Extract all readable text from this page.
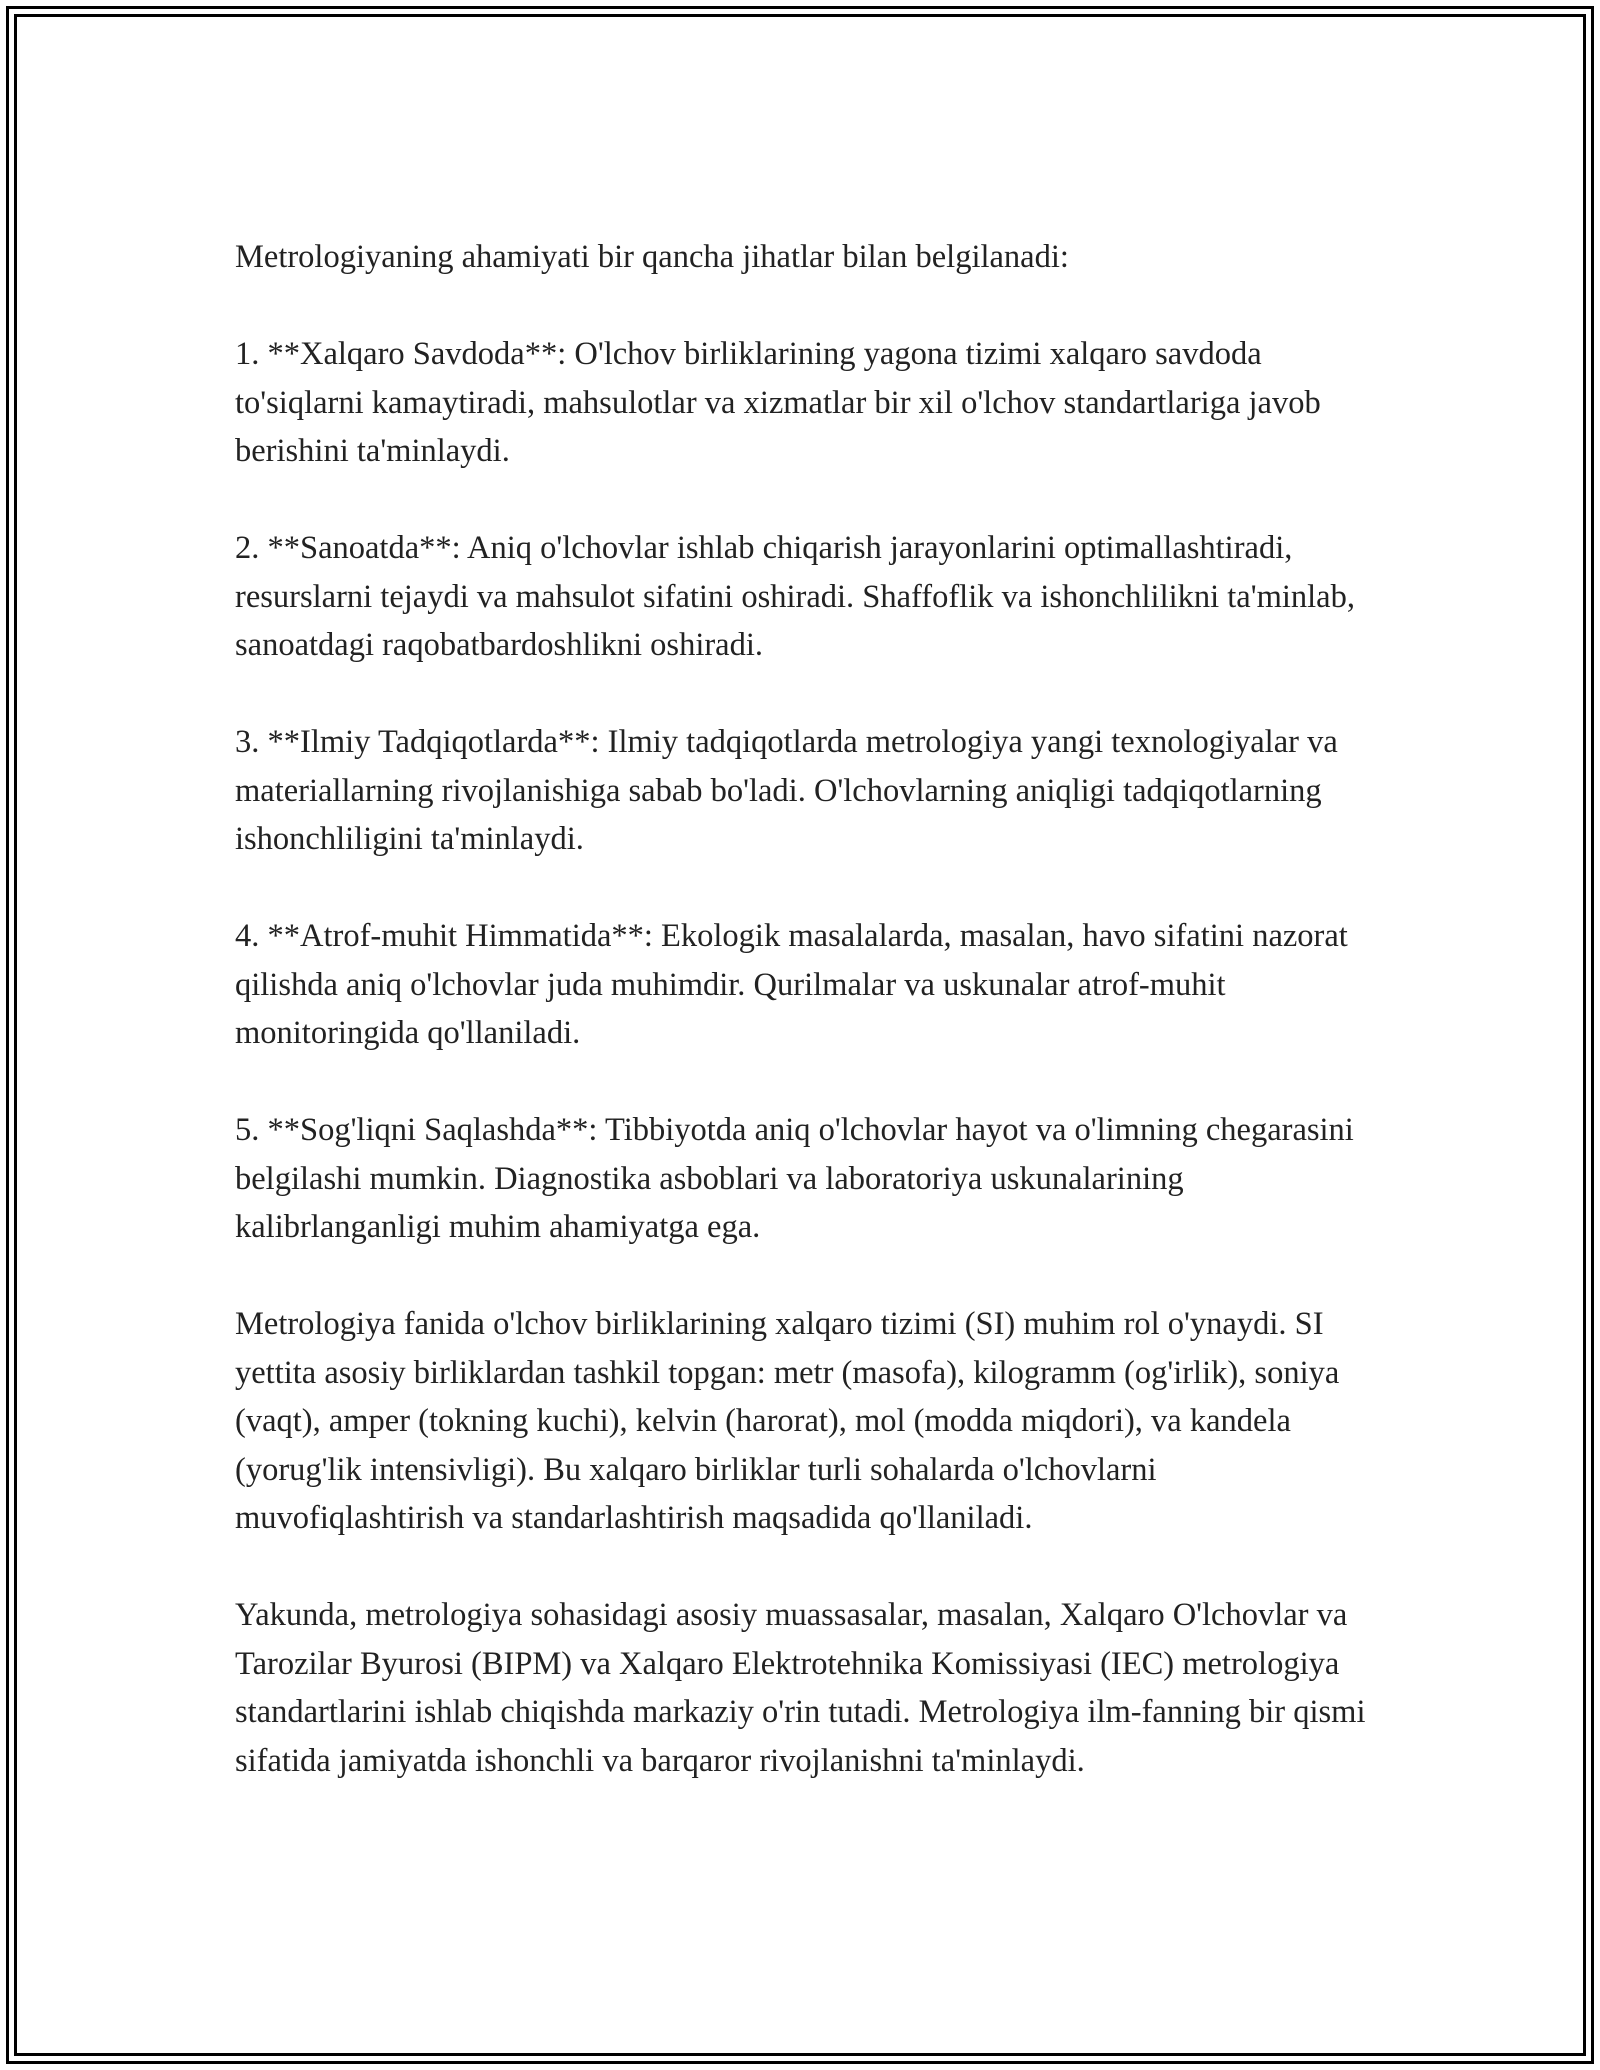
Metrologiyaning ahamiyati bir qancha jihatlar bilan belgilanadi:

1. **Xalqaro Savdoda**: O'lchov birliklarining yagona tizimi xalqaro savdoda to'siqlarni kamaytiradi, mahsulotlar va xizmatlar bir xil o'lchov standartlariga javob berishini ta'minlaydi.

2. **Sanoatda**: Aniq o'lchovlar ishlab chiqarish jarayonlarini optimallashtiradi, resurslarni tejaydi va mahsulot sifatini oshiradi. Shaffoflik va ishonchlilikni ta'minlab, sanoatdagi raqobatbardoshlikni oshiradi.

3. **Ilmiy Tadqiqotlarda**: Ilmiy tadqiqotlarda metrologiya yangi texnologiyalar va materiallarning rivojlanishiga sabab bo'ladi. O'lchovlarning aniqligi tadqiqotlarning ishonchliligini ta'minlaydi.

4. **Atrof-muhit Himmatida**: Ekologik masalalarda, masalan, havo sifatini nazorat qilishda aniq o'lchovlar juda muhimdir. Qurilmalar va uskunalar atrof-muhit monitoringida qo'llaniladi.

5. **Sog'liqni Saqlashda**: Tibbiyotda aniq o'lchovlar hayot va o'limning chegarasini belgilashi mumkin. Diagnostika asboblari va laboratoriya uskunalarining kalibrlanganligi muhim ahamiyatga ega.

Metrologiya fanida o'lchov birliklarining xalqaro tizimi (SI) muhim rol o'ynaydi. SI yettita asosiy birliklardan tashkil topgan: metr (masofa), kilogramm (og'irlik), soniya (vaqt), amper (tokning kuchi), kelvin (harorat), mol (modda miqdori), va kandela (yorug'lik intensivligi). Bu xalqaro birliklar turli sohalarda o'lchovlarni muvofiqlashtirish va standarlashtirish maqsadida qo'llaniladi.

Yakunda, metrologiya sohasidagi asosiy muassasalar, masalan, Xalqaro O'lchovlar va Tarozilar Byurosi (BIPM) va Xalqaro Elektrotehnika Komissiyasi (IEC) metrologiya standartlarini ishlab chiqishda markaziy o'rin tutadi. Metrologiya ilm-fanning bir qismi sifatida jamiyatda ishonchli va barqaror rivojlanishni ta'minlaydi.
